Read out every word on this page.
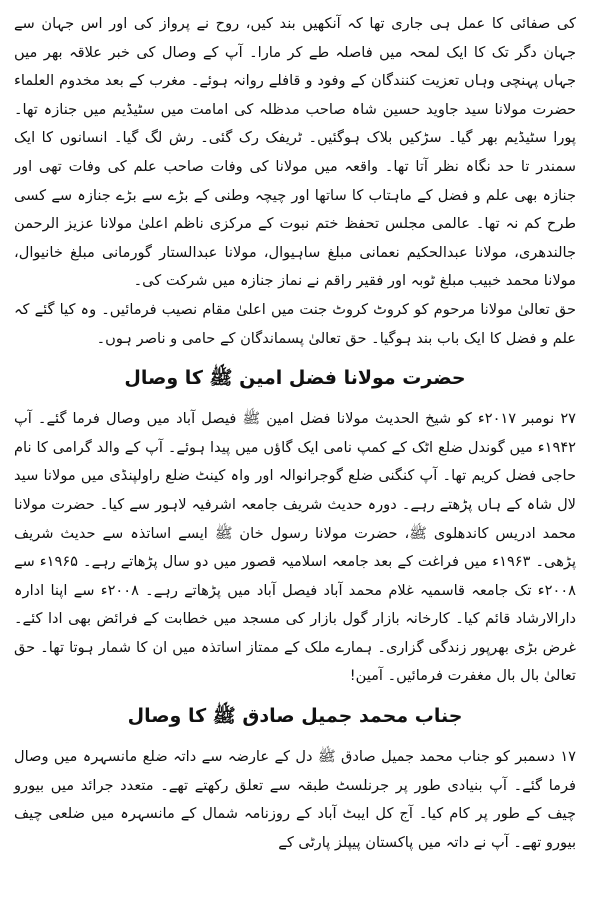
کی صفائی کا عمل ہی جاری تھا کہ آنکھیں بند کیں، روح نے پرواز کی اور اس جہان سے جہان دگر تک کا ایک لمحہ میں فاصلہ طے کر مارا۔ آپ کے وصال کی خبر علاقہ بھر میں جہاں پہنچی وہاں تعزیت کنندگان کے وفود و قافلے روانہ ہوئے۔ مغرب کے بعد مخدوم العلماء حضرت مولانا سید جاوید حسین شاہ صاحب مدظلہ کی امامت میں سٹیڈیم میں جنازہ تھا۔ پورا سٹیڈیم بھر گیا۔ سڑکیں بلاک ہوگئیں۔ ٹریفک رک گئی۔ رش لگ گیا۔ انسانوں کا ایک سمندر تا حد نگاہ نظر آتا تھا۔ واقعہ میں مولانا کی وفات صاحب علم کی وفات تھی اور جنازہ بھی علم و فضل کے ماہتاب کا ساتھا اور چیچہ وطنی کے بڑے سے بڑے جنازہ سے کسی طرح کم نہ تھا۔ عالمی مجلس تحفظ ختم نبوت کے مرکزی ناظم اعلیٰ مولانا عزیز الرحمن جالندھری، مولانا عبدالحکیم نعمانی مبلغ ساہیوال، مولانا عبدالستار گورمانی مبلغ خانیوال، مولانا محمد خبیب مبلغ ٹوبہ اور فقیر راقم نے نماز جنازہ میں شرکت کی۔

حق تعالیٰ مولانا مرحوم کو کروٹ کروٹ جنت میں اعلیٰ مقام نصیب فرمائیں۔ وہ کیا گئے کہ علم و فضل کا ایک باب بند ہوگیا۔ حق تعالیٰ پسماندگان کے حامی و ناصر ہوں۔

حضرت مولانا فضل امین ﷺ کا وصال

۲۷ نومبر ۲۰۱۷ء کو شیخ الحدیث مولانا فضل امین ﷺ فیصل آباد میں وصال فرما گئے۔ آپ ۱۹۴۲ء میں گوندل ضلع اٹک کے کمپ نامی ایک گاؤں میں پیدا ہوئے۔ آپ کے والد گرامی کا نام حاجی فضل کریم تھا۔ آپ کنگنی ضلع گوجرانوالہ اور واہ کینٹ ضلع راولپنڈی میں مولانا سید لال شاہ کے ہاں پڑھتے رہے۔ دورہ حدیث شریف جامعہ اشرفیہ لاہور سے کیا۔ حضرت مولانا محمد ادریس کاندھلوی ﷺ، حضرت مولانا رسول خان ﷺ ایسے اساتذہ سے حدیث شریف پڑھی۔ ۱۹۶۳ء میں فراغت کے بعد جامعہ اسلامیہ قصور میں دو سال پڑھاتے رہے۔ ۱۹۶۵ء سے ۲۰۰۸ء تک جامعہ قاسمیہ غلام محمد آباد فیصل آباد میں پڑھاتے رہے۔ ۲۰۰۸ء سے اپنا ادارہ دارالارشاد قائم کیا۔ کارخانہ بازار گول بازار کی مسجد میں خطابت کے فرائض بھی ادا کئے۔ غرض بڑی بھرپور زندگی گزاری۔ ہمارے ملک کے ممتاز اساتذہ میں ان کا شمار ہوتا تھا۔ حق تعالیٰ بال بال مغفرت فرمائیں۔ آمین!

جناب محمد جمیل صادق ﷺ کا وصال

۱۷ دسمبر کو جناب محمد جمیل صادق ﷺ دل کے عارضہ سے داتہ ضلع مانسہرہ میں وصال فرما گئے۔ آپ بنیادی طور پر جرنلسٹ طبقہ سے تعلق رکھتے تھے۔ متعدد جرائد میں بیورو چیف کے طور پر کام کیا۔ آج کل ایبٹ آباد کے روزنامہ شمال کے مانسہرہ میں ضلعی چیف بیورو تھے۔ آپ نے داتہ میں پاکستان پیپلز پارٹی کے
